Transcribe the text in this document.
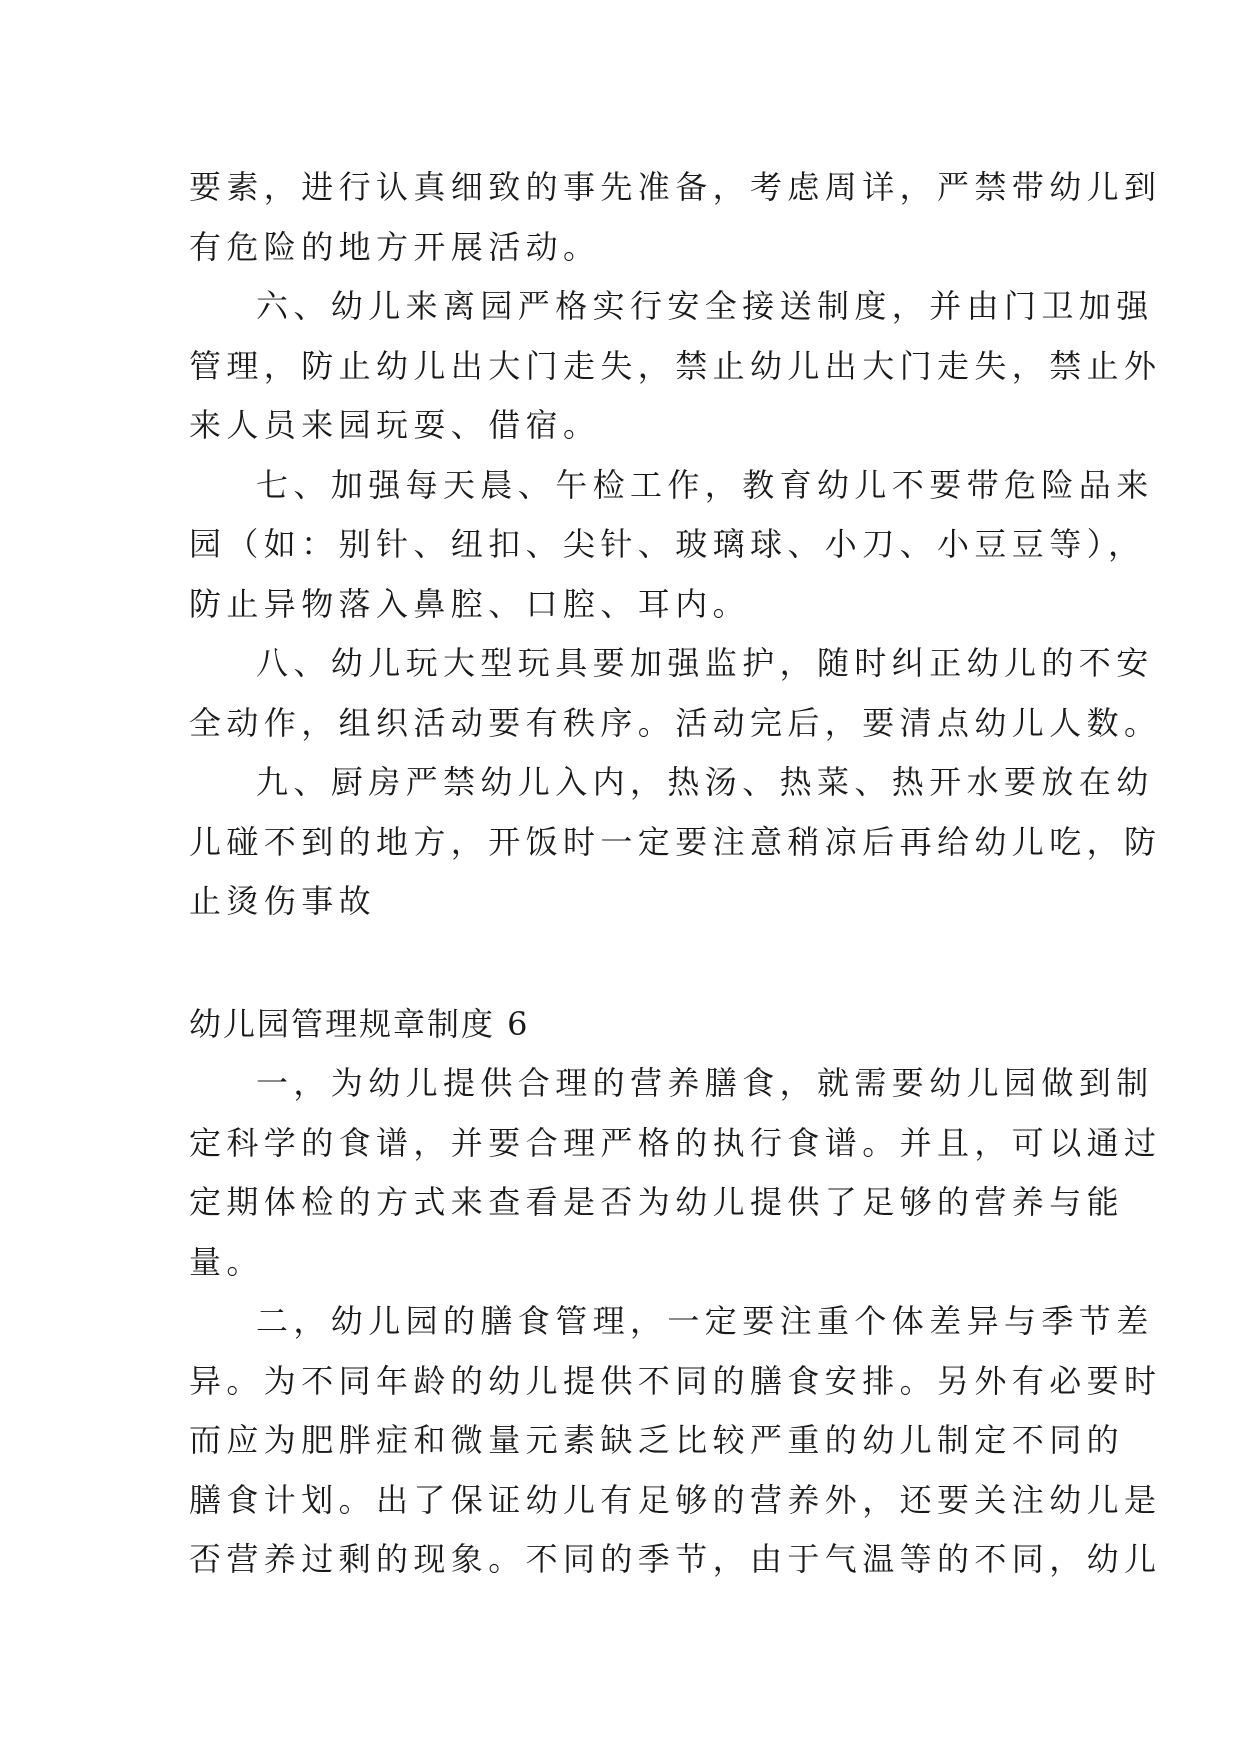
要素，进行认真细致的事先准备，考虑周详，严禁带幼儿到
有危险的地方开展活动。
六、幼儿来离园严格实行安全接送制度，并由门卫加强
管理，防止幼儿出大门走失，禁止幼儿出大门走失，禁止外
来人员来园玩耍、借宿。
七、加强每天晨、午检工作，教育幼儿不要带危险品来
园（如：别针、纽扣、尖针、玻璃球、小刀、小豆豆等），
防止异物落入鼻腔、口腔、耳内。
八、幼儿玩大型玩具要加强监护，随时纠正幼儿的不安
全动作，组织活动要有秩序。活动完后，要清点幼儿人数。
九、厨房严禁幼儿入内，热汤、热菜、热开水要放在幼
儿碰不到的地方，开饭时一定要注意稍凉后再给幼儿吃，防
止烫伤事故
幼儿园管理规章制度 6
一，为幼儿提供合理的营养膳食，就需要幼儿园做到制
定科学的食谱，并要合理严格的执行食谱。并且，可以通过
定期体检的方式来查看是否为幼儿提供了足够的营养与能
量。
二，幼儿园的膳食管理，一定要注重个体差异与季节差
异。为不同年龄的幼儿提供不同的膳食安排。另外有必要时
而应为肥胖症和微量元素缺乏比较严重的幼儿制定不同的
膳食计划。出了保证幼儿有足够的营养外，还要关注幼儿是
否营养过剩的现象。不同的季节，由于气温等的不同，幼儿
